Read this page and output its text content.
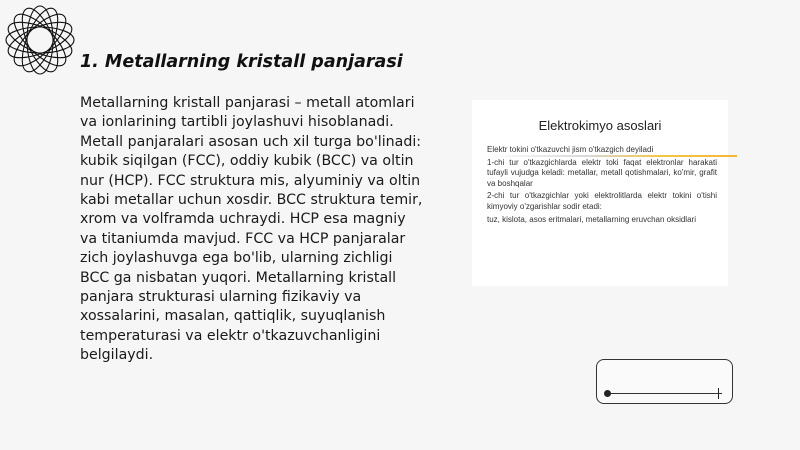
1. Metallarning kristall panjarasi

Metallarning kristall panjarasi – metall atomlari va ionlarining tartibli joylashuvi hisoblanadi. Metall panjaralari asosan uch xil turga bo'linadi: kubik siqilgan (FCC), oddiy kubik (BCC) va oltin nur (HCP). FCC struktura mis, alyuminiy va oltin kabi metallar uchun xosdir. BCC struktura temir, xrom va volframda uchraydi. HCP esa magniy va titaniumda mavjud. FCC va HCP panjaralar zich joylashuvga ega bo'lib, ularning zichligi BCC ga nisbatan yuqori. Metallarning kristall panjara strukturasi ularning fizikaviy va xossalarini, masalan, qattiqlik, suyuqlanish temperaturasi va elektr o'tkazuvchanligini belgilaydi.

Elektrokimyo asoslari
Elektr tokini o'tkazuvchi jism o'tkazgich deyiladi
1-chi tur o'tkazgichlarda elektr toki faqat elektronlar harakati tufayli vujudga keladi: metallar, metall qotishmalari, ko'mir, grafit va boshqalar
2-chi tur o'tkazgichlar yoki elektrolitlarda elektr tokini o'tishi kimyoviy o'zgarishlar sodir etadi:
tuz, kislota, asos eritmalari, metallarning eruvchan oksidlari
